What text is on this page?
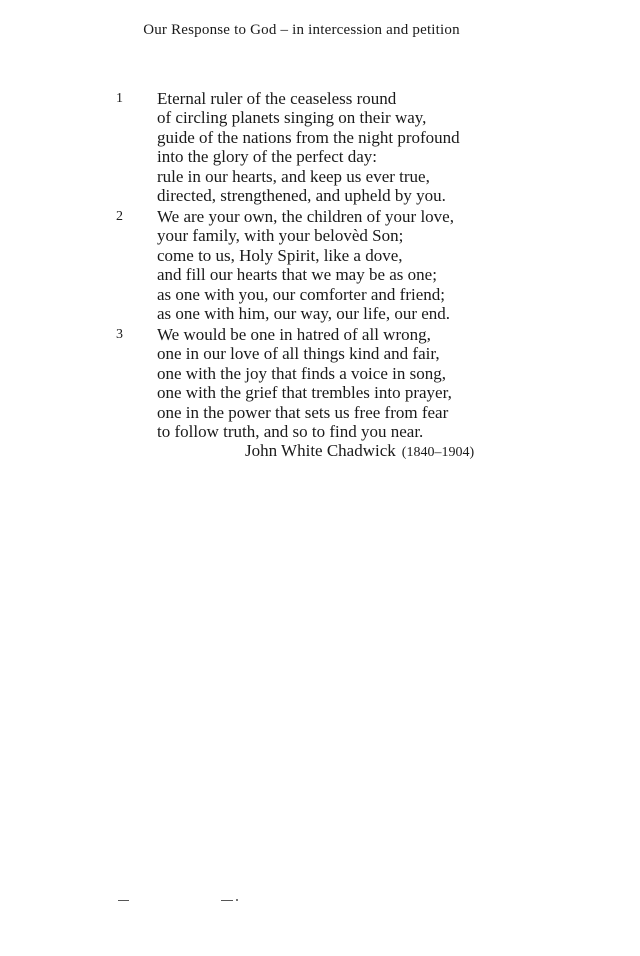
Our Response to God – in intercession and petition
1 Eternal ruler of the ceaseless round
of circling planets singing on their way,
guide of the nations from the night profound
into the glory of the perfect day:
rule in our hearts, and keep us ever true,
directed, strengthened, and upheld by you.
2 We are your own, the children of your love,
your family, with your belovèd Son;
come to us, Holy Spirit, like a dove,
and fill our hearts that we may be as one;
as one with you, our comforter and friend;
as one with him, our way, our life, our end.
3 We would be one in hatred of all wrong,
one in our love of all things kind and fair,
one with the joy that finds a voice in song,
one with the grief that trembles into prayer,
one in the power that sets us free from fear
to follow truth, and so to find you near.
John White Chadwick (1840–1904)
